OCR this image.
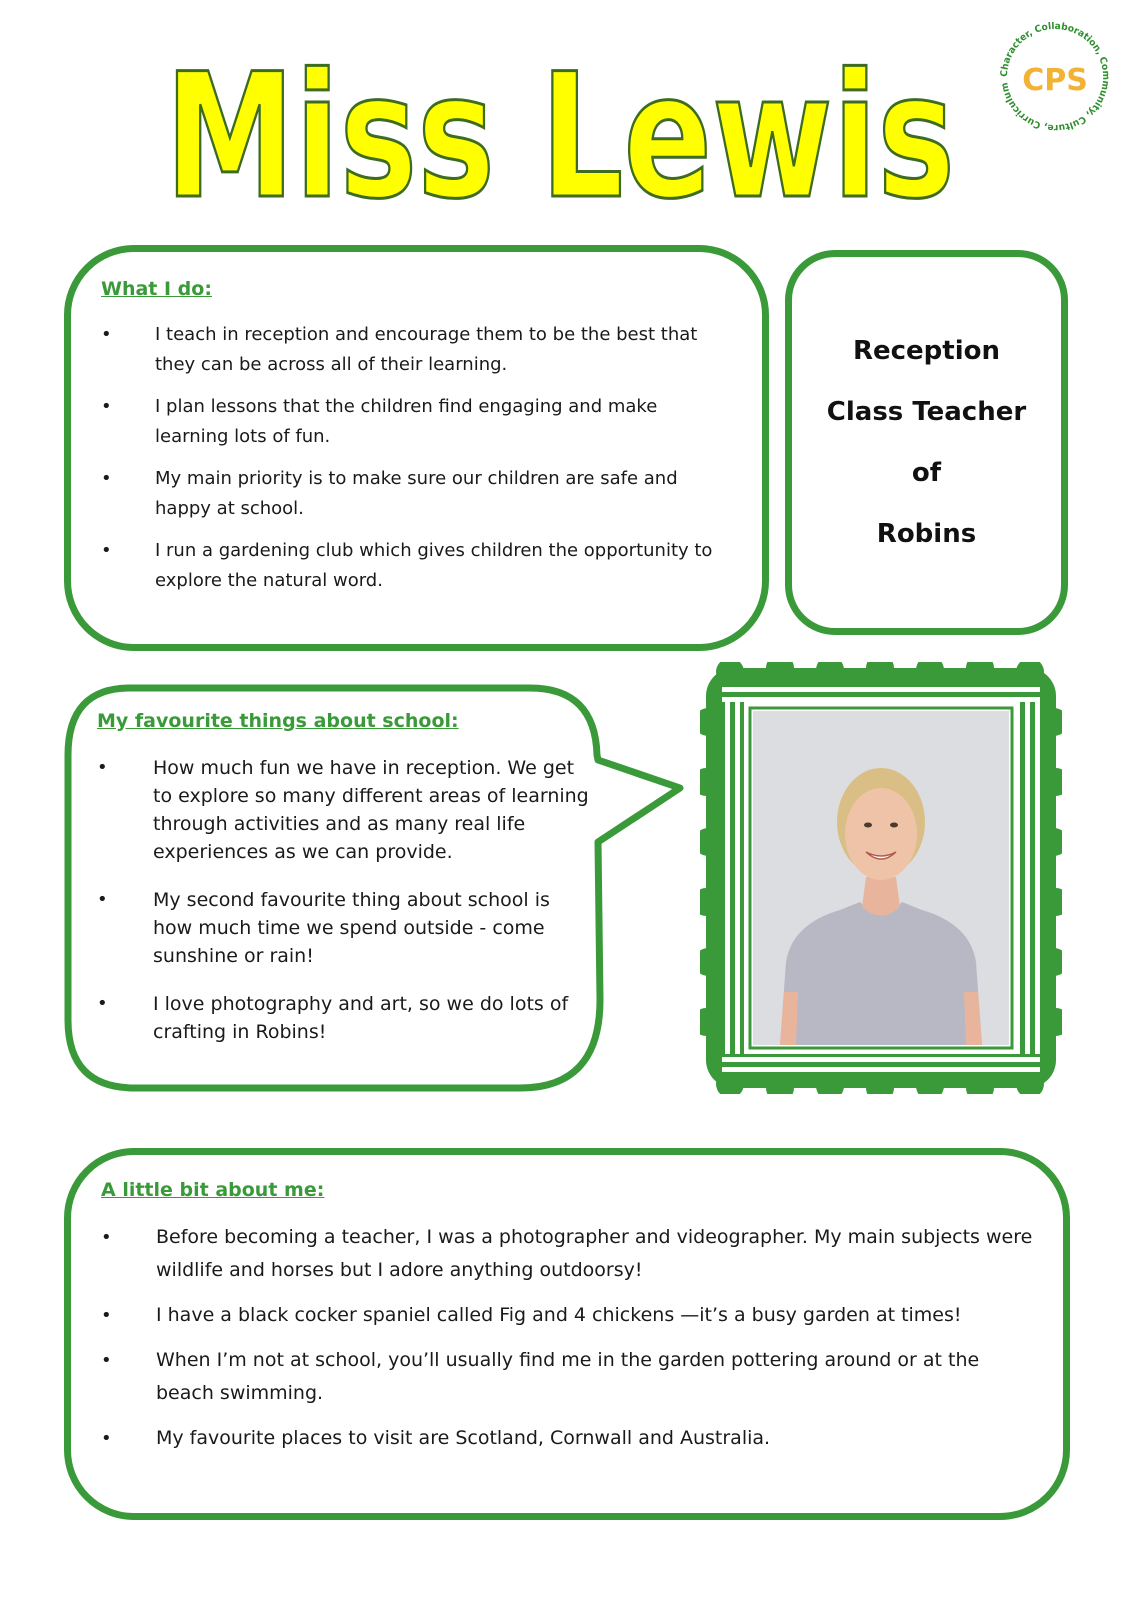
Miss Lewis	Character, Collaboration, Community, Culture, Curriculum CPS
What I do:
• I teach in reception and encourage them to be the best that they can be across all of their learning.
• I plan lessons that the children find engaging and make learning lots of fun.
• My main priority is to make sure our children are safe and happy at school.
• I run a gardening club which gives children the opportunity to explore the natural word.
Reception
Class Teacher
of
Robins
My favourite things about school:
• How much fun we have in reception. We get to explore so many different areas of learning through activities and as many real life experiences as we can provide.
• My second favourite thing about school is how much time we spend outside - come sunshine or rain!
• I love photography and art, so we do lots of crafting in Robins!
A little bit about me:
• Before becoming a teacher, I was a photographer and videographer. My main subjects were wildlife and horses but I adore anything outdoorsy!
• I have a black cocker spaniel called Fig and 4 chickens —it’s a busy garden at times!
• When I’m not at school, you’ll usually find me in the garden pottering around or at the beach swimming.
• My favourite places to visit are Scotland, Cornwall and Australia.
